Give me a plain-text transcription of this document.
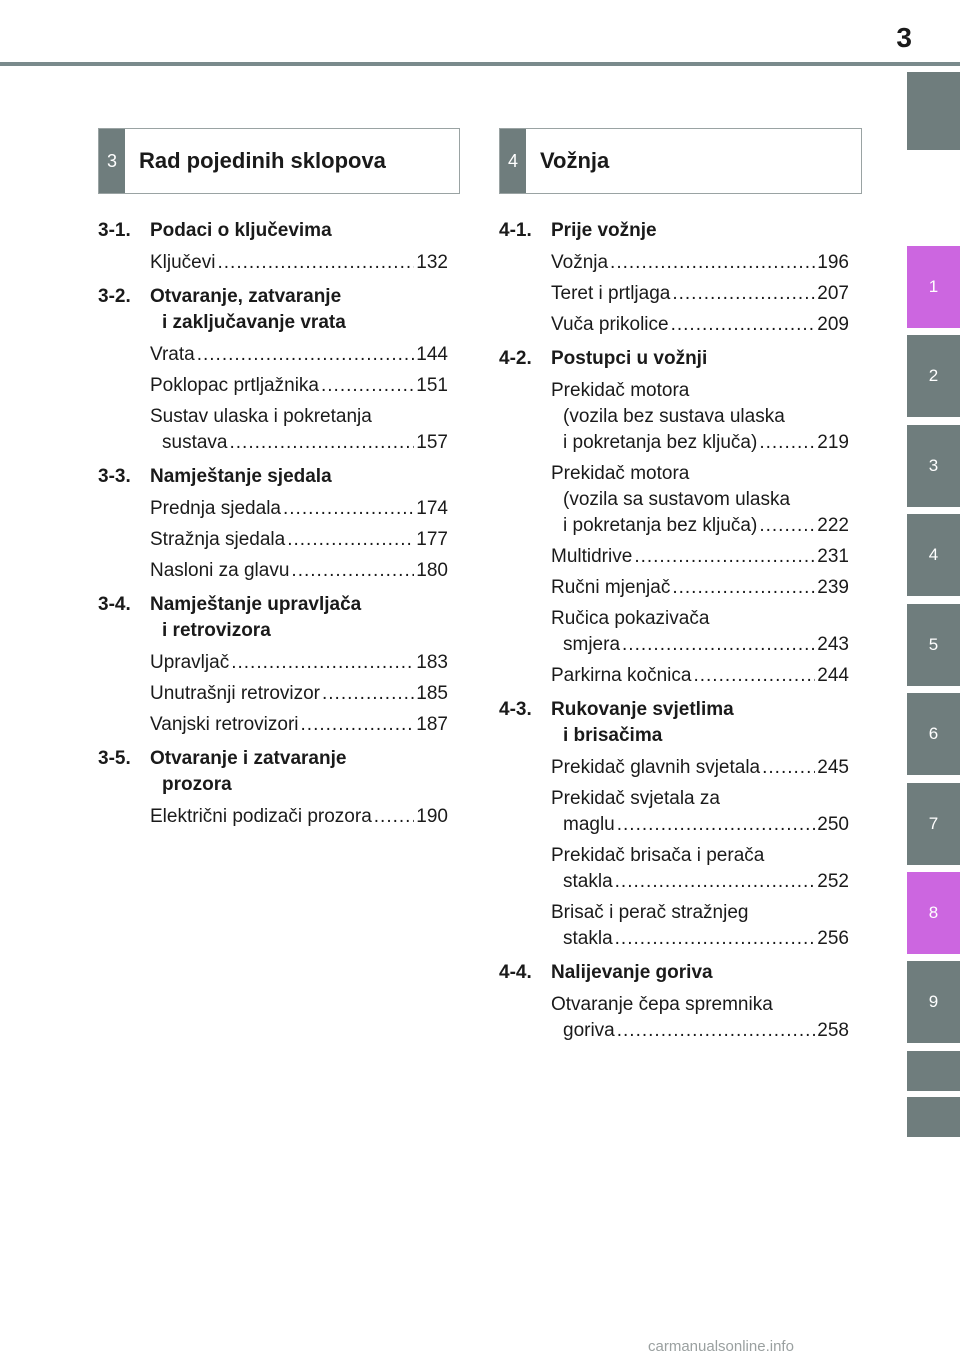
3
1
2
3
4
5
6
7
8
9
3	Rad pojedinih sklopova	4	Vožnja
3-1.	Podaci o ključevima
Ključevi .....	132
3-2.	Otvaranje, zatvaranje
i zaključavanje vrata
Vrata .....	144
Poklopac prtljažnika .....	151
Sustav ulaska i pokretanja
sustava .....	157
3-3.	Namještanje sjedala
Prednja sjedala .....	174
Stražnja sjedala .....	177
Nasloni za glavu .....	180
3-4.	Namještanje upravljača
i retrovizora
Upravljač .....	183
Unutrašnji retrovizor .....	185
Vanjski retrovizori .....	187
3-5.	Otvaranje i zatvaranje
prozora
Električni podizači prozora ..... 190
4-1.	Prije vožnje
Vožnja .....	196
Teret i prtljaga .....	207
Vuča prikolice .....	209
4-2.	Postupci u vožnji
Prekidač motora
(vozila bez sustava ulaska
i pokretanja bez ključa) .....	219
Prekidač motora
(vozila sa sustavom ulaska
i pokretanja bez ključa) .....	222
Multidrive .....	231
Ručni mjenjač .....	239
Ručica pokazivača
smjera .....	243
Parkirna kočnica .....	244
4-3.	Rukovanje svjetlima
i brisačima
Prekidač glavnih svjetala .....	245
Prekidač svjetala za
maglu .....	250
Prekidač brisača i perača
stakla .....	252
Brisač i perač stražnjeg
stakla .....	256
4-4.	Nalijevanje goriva
Otvaranje čepa spremnika
goriva .....	258
carmanualsonline.info
